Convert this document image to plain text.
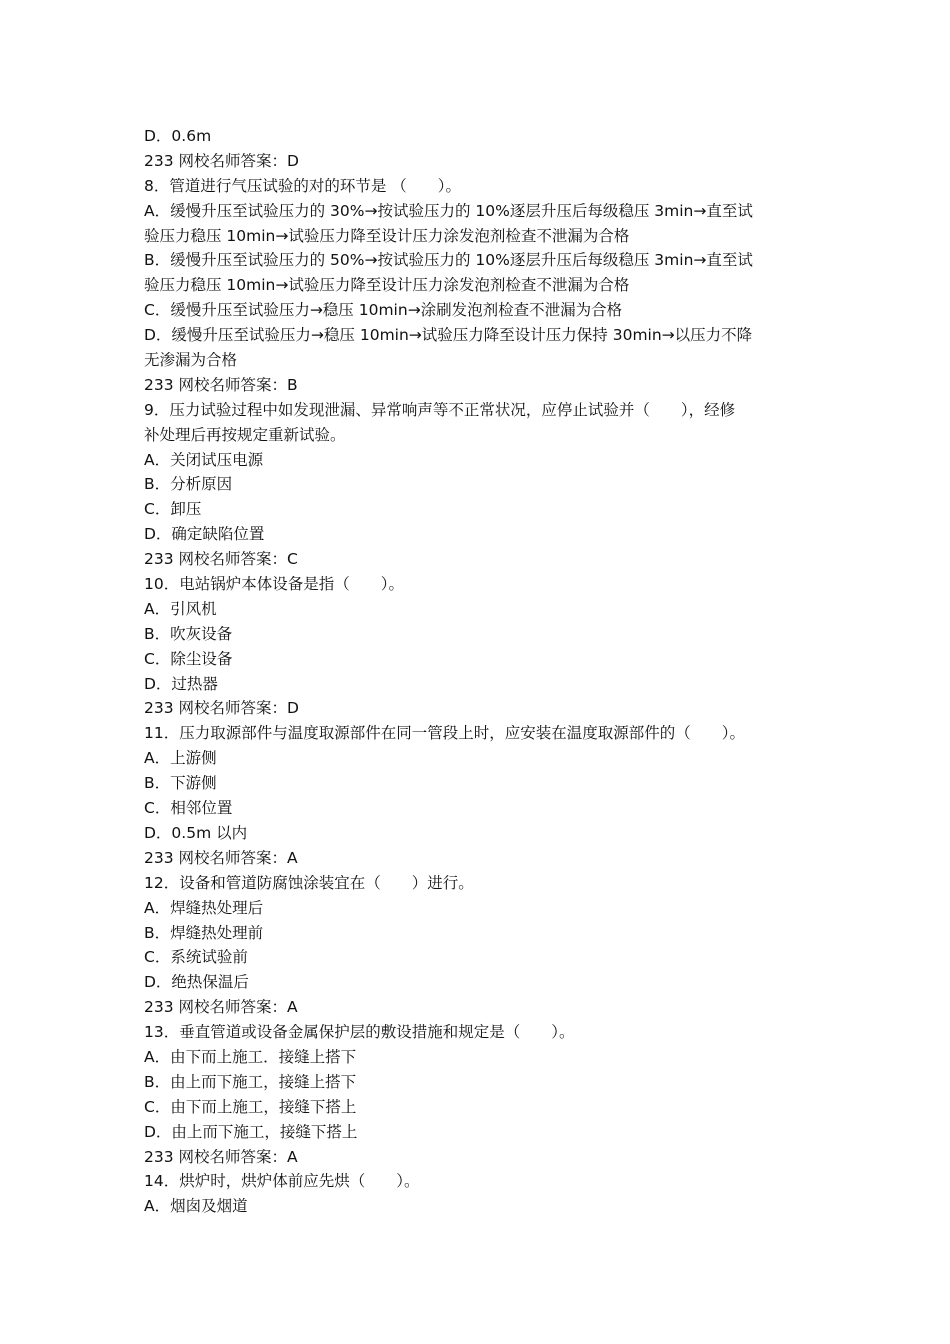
D．0.6m
233 网校名师答案：D
8．管道进行气压试验的对的环节是 （　　）。
A．缓慢升压至试验压力的 30%→按试验压力的 10%逐层升压后每级稳压 3min→直至试
验压力稳压 10min→试验压力降至设计压力涂发泡剂检查不泄漏为合格
B．缓慢升压至试验压力的 50%→按试验压力的 10%逐层升压后每级稳压 3min→直至试
验压力稳压 10min→试验压力降至设计压力涂发泡剂检查不泄漏为合格
C．缓慢升压至试验压力→稳压 10min→涂刷发泡剂检查不泄漏为合格
D．缓慢升压至试验压力→稳压 10min→试验压力降至设计压力保持 30min→以压力不降
无渗漏为合格
233 网校名师答案：B
9．压力试验过程中如发现泄漏、异常响声等不正常状况，应停止试验并（　　），经修
补处理后再按规定重新试验。
A．关闭试压电源
B．分析原因
C．卸压
D．确定缺陷位置
233 网校名师答案：C
10．电站锅炉本体设备是指（　　）。
A．引风机
B．吹灰设备
C．除尘设备
D．过热器
233 网校名师答案：D
11．压力取源部件与温度取源部件在同一管段上时，应安装在温度取源部件的（　　）。
A．上游侧
B．下游侧
C．相邻位置
D．0.5m 以内
233 网校名师答案：A
12．设备和管道防腐蚀涂装宜在（　　）进行。
A．焊缝热处理后
B．焊缝热处理前
C．系统试验前
D．绝热保温后
233 网校名师答案：A
13．垂直管道或设备金属保护层的敷设措施和规定是（　　）。
A．由下而上施工．接缝上搭下
B．由上而下施工，接缝上搭下
C．由下而上施工，接缝下搭上
D．由上而下施工，接缝下搭上
233 网校名师答案：A
14．烘炉时，烘炉体前应先烘（　　）。
A．烟囱及烟道
